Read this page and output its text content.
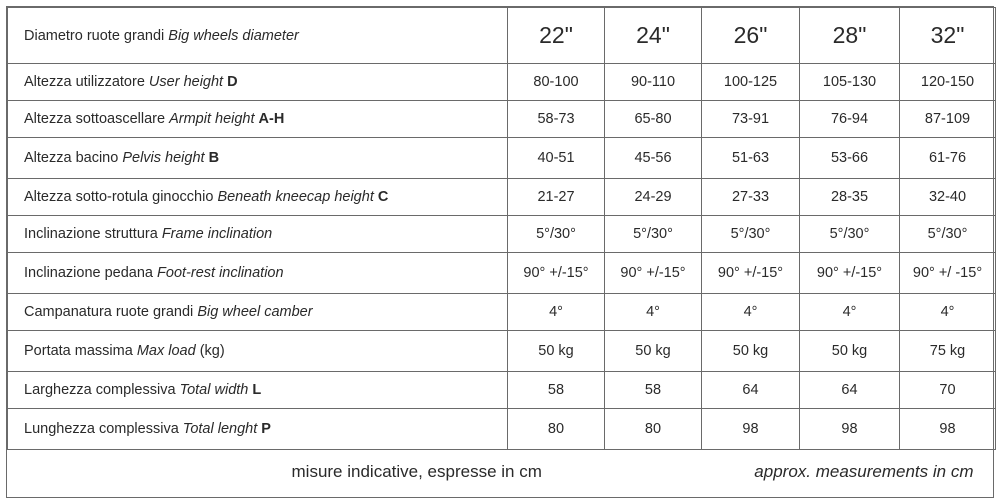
Diametro ruote grandi Big wheels diameter	22"	24"	26"	28"	32"
Altezza utilizzatore User height D	80-100	90-110	100-125	105-130	120-150
Altezza sottoascellare Armpit height A-H	58-73	65-80	73-91	76-94	87-109
Altezza bacino Pelvis height B	40-51	45-56	51-63	53-66	61-76
Altezza sotto-rotula ginocchio Beneath kneecap height C	21-27	24-29	27-33	28-35	32-40
Inclinazione struttura Frame inclination	5°/30°	5°/30°	5°/30°	5°/30°	5°/30°
Inclinazione pedana Foot-rest inclination	90° +/-15°	90° +/-15°	90° +/-15°	90° +/-15°	90° +/ -15°
Campanatura ruote grandi Big wheel camber	4°	4°	4°	4°	4°
Portata massima Max load (kg)	50 kg	50 kg	50 kg	50 kg	75 kg
Larghezza complessiva Total width L	58	58	64	64	70
Lunghezza complessiva Total lenght P	80	80	98	98	98

misure indicative, espresse in cm approx. measurements in cm					
